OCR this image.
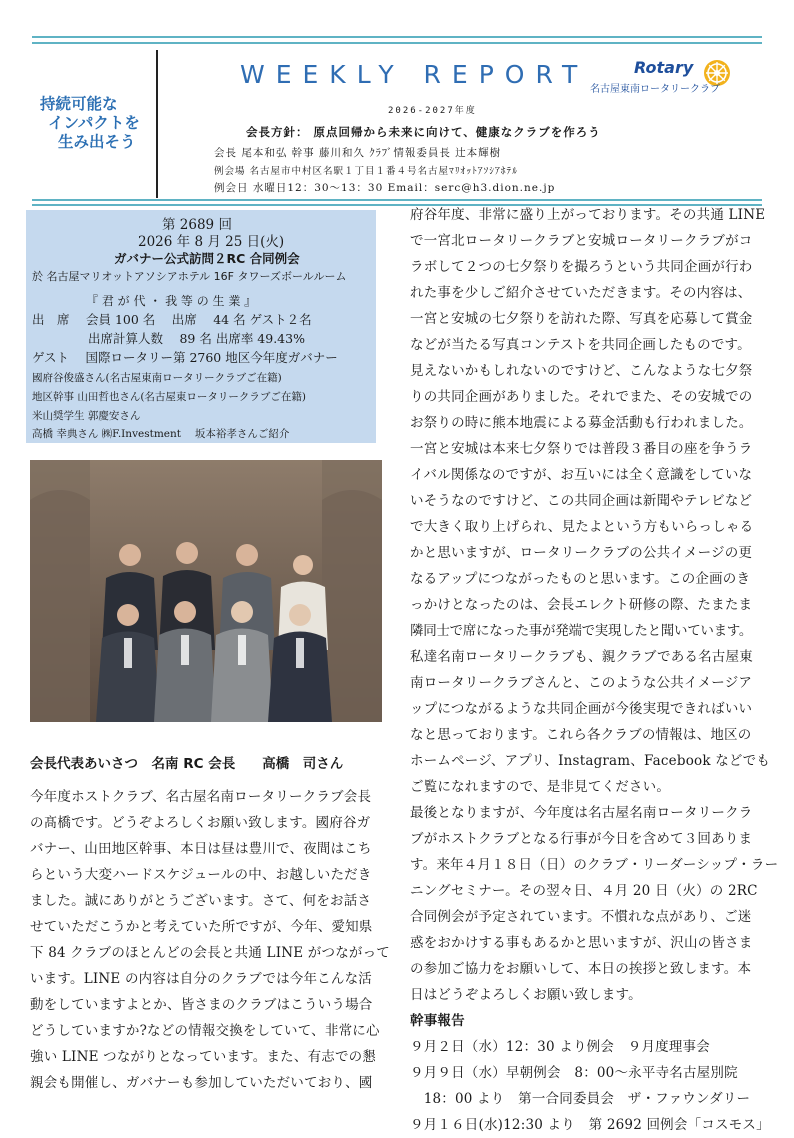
持続可能な
インパクトを
生み出そう
WEEKLY REPORT	Rotary
名古屋東南ロータリークラブ
2026-2027年度
会長方針： 原点回帰から未来に向けて、健康なクラブを作ろう
会長 尾本和弘 幹事 藤川和久 ｸﾗﾌﾞ情報委員長 辻本輝樹
例会場 名古屋市中村区名駅１丁目１番４号名古屋ﾏﾘｵｯﾄｱｿｼｱﾎﾃﾙ
例会日 水曜日12：30～13：30 Email：serc@h3.dion.ne.jp
第 2689 回
2026 年 8 月 25 日(火)
ガバナー公式訪問２RC 合同例会
於 名古屋マリオットアソシアホテル 16F タワーズボールルーム
『 君 が 代 ・ 我 等 の 生 業 』
出　席　 会員 100 名　 出席　 44 名 ゲスト２名
出席計算人数　 89 名 出席率 49.43%
ゲスト　 国際ロータリー第 2760 地区今年度ガバナー
國府谷俊盛さん(名古屋東南ロータリークラブご在籍)
地区幹事 山田哲也さん(名古屋東ロータリークラブご在籍)
米山奨学生 郭慶安さん
高橋 幸典さん ㈱F.Investment　 坂本裕孝さんご紹介
会長代表あいさつ　名南 RC 会長　　高橋　司さん
今年度ホストクラブ、名古屋名南ロータリークラブ会長
の髙橋です。どうぞよろしくお願い致します。國府谷ガ
バナー、山田地区幹事、本日は昼は豊川で、夜間はこち
らという大変ハードスケジュールの中、お越しいただき
ました。誠にありがとうございます。さて、何をお話さ
せていただこうかと考えていた所ですが、今年、愛知県
下 84 クラブのほとんどの会長と共通 LINE がつながって
います。LINE の内容は自分のクラブでは今年こんな活
動をしていますよとか、皆さまのクラブはこういう場合
どうしていますか?などの情報交換をしていて、非常に心
強い LINE つながりとなっています。また、有志での懇
親会も開催し、ガバナーも参加していただいており、國
府谷年度、非常に盛り上がっております。その共通 LINE
で一宮北ロータリークラブと安城ロータリークラブがコ
ラボして２つの七夕祭りを撮ろうという共同企画が行わ
れた事を少しご紹介させていただきます。その内容は、
一宮と安城の七夕祭りを訪れた際、写真を応募して賞金
などが当たる写真コンテストを共同企画したものです。
見えないかもしれないのですけど、こんなような七夕祭
りの共同企画がありました。それでまた、その安城での
お祭りの時に熊本地震による募金活動も行われました。
一宮と安城は本来七夕祭りでは普段３番目の座を争うラ
イバル関係なのですが、お互いには全く意識をしていな
いそうなのですけど、この共同企画は新聞やテレビなど
で大きく取り上げられ、見たよという方もいらっしゃる
かと思いますが、ロータリークラブの公共イメージの更
なるアップにつながったものと思います。この企画のき
っかけとなったのは、会長エレクト研修の際、たまたま
隣同士で席になった事が発端で実現したと聞いています。
私達名南ロータリークラブも、親クラブである名古屋東
南ロータリークラブさんと、このような公共イメージア
ップにつながるような共同企画が今後実現できればいい
なと思っております。これら各クラブの情報は、地区の
ホームページ、アプリ、Instagram、Facebook などでも
ご覧になれますので、是非見てください。
最後となりますが、今年度は名古屋名南ロータリークラ
ブがホストクラブとなる行事が今日を含めて３回ありま
す。来年４月１８日（日）のクラブ・リーダーシップ・ラー
ニングセミナー。その翌々日、４月 20 日（火）の 2RC
合同例会が予定されています。不慣れな点があり、ご迷
惑をおかけする事もあるかと思いますが、沢山の皆さま
の参加ご協力をお願いして、本日の挨拶と致します。本
日はどうぞよろしくお願い致します。
幹事報告
９月２日（水）12：30 より例会　９月度理事会
９月９日（水）早朝例会　8：00～永平寺名古屋別院
　18：00 より　第一合同委員会　ザ・ファウンダリー
９月１６日(水)12:30 より　第 2692 回例会「コスモス」
